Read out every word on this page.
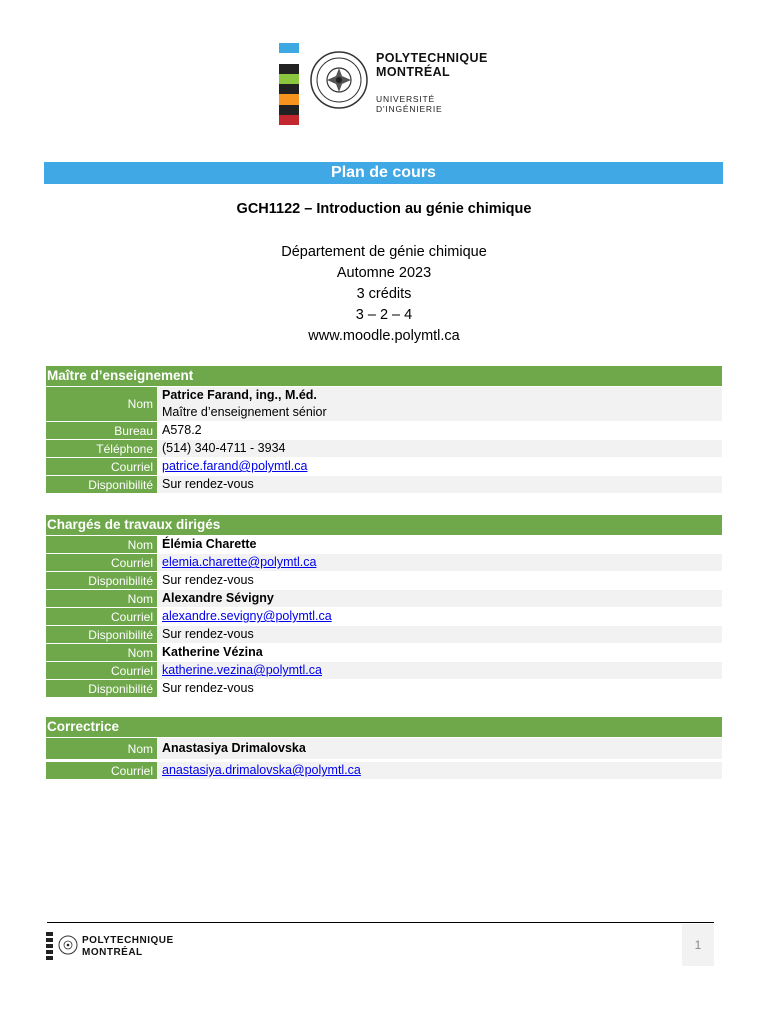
POLYTECHNIQUE
MONTRÉAL
UNIVERSITÉ
D'INGÉNIERIE
Plan de cours
GCH1122 – Introduction au génie chimique
Département de génie chimique
Automne 2023
3 crédits
3 – 2 – 4
www.moodle.polymtl.ca
Maître d’enseignement
Nom
Patrice Farand, ing., M.éd.
Maître d’enseignement sénior
Bureau A578.2
Téléphone (514) 340-4711 - 3934
Courriel patrice.farand@polymtl.ca
Disponibilité Sur rendez-vous
Chargés de travaux dirigés
Nom Élémia Charette
Courriel elemia.charette@polymtl.ca
Disponibilité Sur rendez-vous
Nom Alexandre Sévigny
Courriel alexandre.sevigny@polymtl.ca
Disponibilité Sur rendez-vous
Nom Katherine Vézina
Courriel katherine.vezina@polymtl.ca
Disponibilité Sur rendez-vous
Correctrice
Nom Anastasiya Drimalovska
Courriel anastasiya.drimalovska@polymtl.ca
POLYTECHNIQUE
MONTRÉAL
1
